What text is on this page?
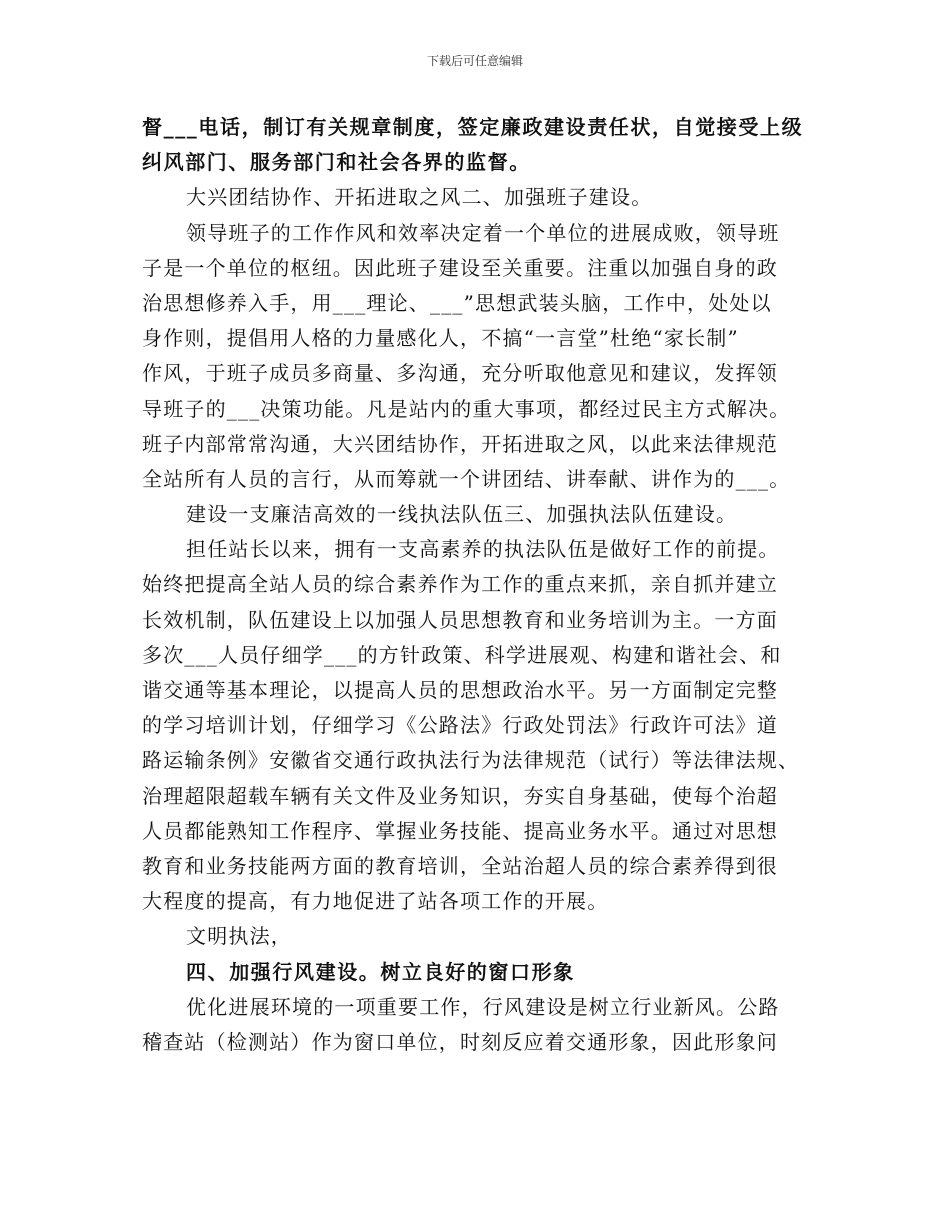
下载后可任意编辑
督___电话，制订有关规章制度，签定廉政建设责任状，自觉接受上级
纠风部门、服务部门和社会各界的监督。
大兴团结协作、开拓进取之风二、加强班子建设。
领导班子的工作作风和效率决定着一个单位的进展成败，领导班
子是一个单位的枢纽。因此班子建设至关重要。注重以加强自身的政
治思想修养入手，用___理论、___”思想武装头脑，工作中，处处以
身作则，提倡用人格的力量感化人，不搞“一言堂”杜绝“家长制”
作风，于班子成员多商量、多沟通，充分听取他意见和建议，发挥领
导班子的___决策功能。凡是站内的重大事项，都经过民主方式解决。
班子内部常常沟通，大兴团结协作，开拓进取之风，以此来法律规范
全站所有人员的言行，从而筹就一个讲团结、讲奉献、讲作为的___。
建设一支廉洁高效的一线执法队伍三、加强执法队伍建设。
担任站长以来，拥有一支高素养的执法队伍是做好工作的前提。
始终把提高全站人员的综合素养作为工作的重点来抓，亲自抓并建立
长效机制，队伍建设上以加强人员思想教育和业务培训为主。一方面
多次___人员仔细学___的方针政策、科学进展观、构建和谐社会、和
谐交通等基本理论，以提高人员的思想政治水平。另一方面制定完整
的学习培训计划，仔细学习《公路法》行政处罚法》行政许可法》道
路运输条例》安徽省交通行政执法行为法律规范（试行）等法律法规、
治理超限超载车辆有关文件及业务知识，夯实自身基础，使每个治超
人员都能熟知工作程序、掌握业务技能、提高业务水平。通过对思想
教育和业务技能两方面的教育培训，全站治超人员的综合素养得到很
大程度的提高，有力地促进了站各项工作的开展。
文明执法，
四、加强行风建设。树立良好的窗口形象
优化进展环境的一项重要工作，行风建设是树立行业新风。公路
稽查站（检测站）作为窗口单位，时刻反应着交通形象，因此形象问
